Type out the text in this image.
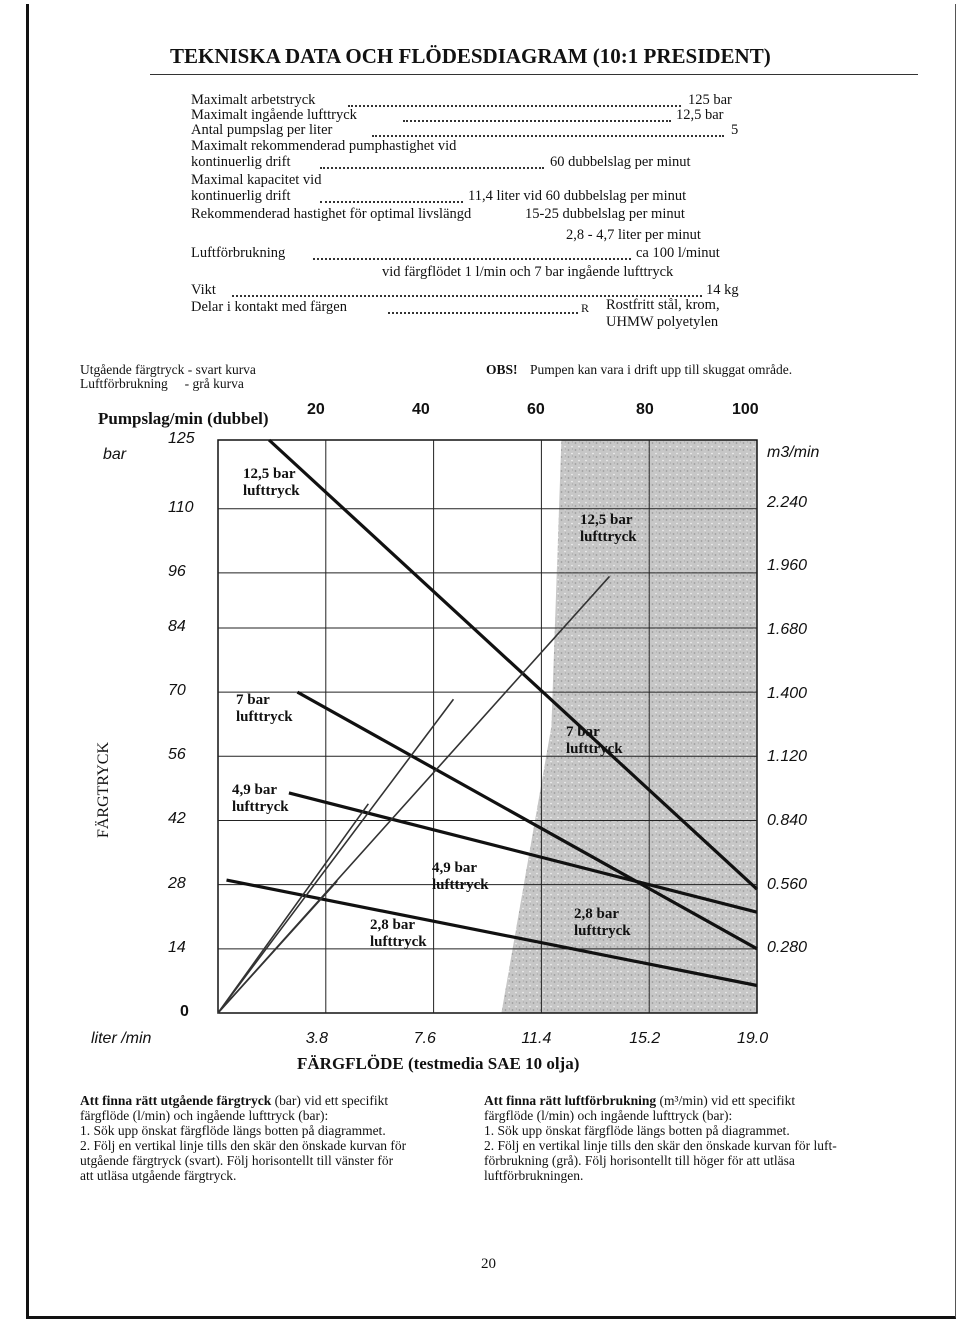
TEKNISKA DATA OCH FLÖDESDIAGRAM (10:1 PRESIDENT)
Maximalt arbetstryck	125 bar
Maximalt ingående lufttryck	12,5 bar
Antal pumpslag per liter	5
Maximalt rekommenderad pumphastighet vid
kontinuerlig drift	60 dubbelslag per minut
Maximal kapacitet vid
kontinuerlig drift	11,4 liter vid 60 dubbelslag per minut
Rekommenderad hastighet för optimal livslängd	15-25 dubbelslag per minut
2,8 - 4,7 liter per minut
Luftförbrukning	ca 100 l/minut
vid färgflödet 1 l/min och 7 bar ingående lufttryck
Vikt	14 kg
Delar i kontakt med färgen	R Rostfritt stål, krom,
UHMW polyetylen
Utgående färgtryck - svart kurva
Luftförbrukning     - grå kurva
OBS! Pumpen kan vara i drift upp till skuggat område.
Pumpslag/min (dubbel) 20	40	60	80	100
bar	m3/min
125
110
96
84
70
56
42
28
14
0
2.240
1.960
1.680
1.400
1.120
0.840
0.560
0.280
FÄRGTRYCK
liter /min	3.8	7.6	11.4	15.2	19.0
FÄRGFLÖDE (testmedia SAE 10 olja)
12,5 bar
lufttryck
12,5 bar
lufttryck
7 bar
lufttryck
7 bar
lufttryck
4,9 bar
lufttryck
4,9 bar
lufttryck
2,8 bar
lufttryck
2,8 bar
lufttryck

Att finna rätt utgående färgtryck (bar) vid ett specifikt färgflöde (l/min) och ingående lufttryck (bar):

1. Sök upp önskat färgflöde längs botten på diagrammet.

2. Följ en vertikal linje tills den skär den önskade kurvan för utgående färgtryck (svart). Följ horisontellt till vänster för att utläsa utgående färgtryck.

Att finna rätt luftförbrukning (m³/min) vid ett specifikt färgflöde (l/min) och ingående lufttryck (bar):

1. Sök upp önskat färgflöde längs botten på diagrammet.

2. Följ en vertikal linje tills den skär den önskade kurvan för luft- förbrukning (grå). Följ horisontellt till höger för att utläsa luftförbrukningen.

20
